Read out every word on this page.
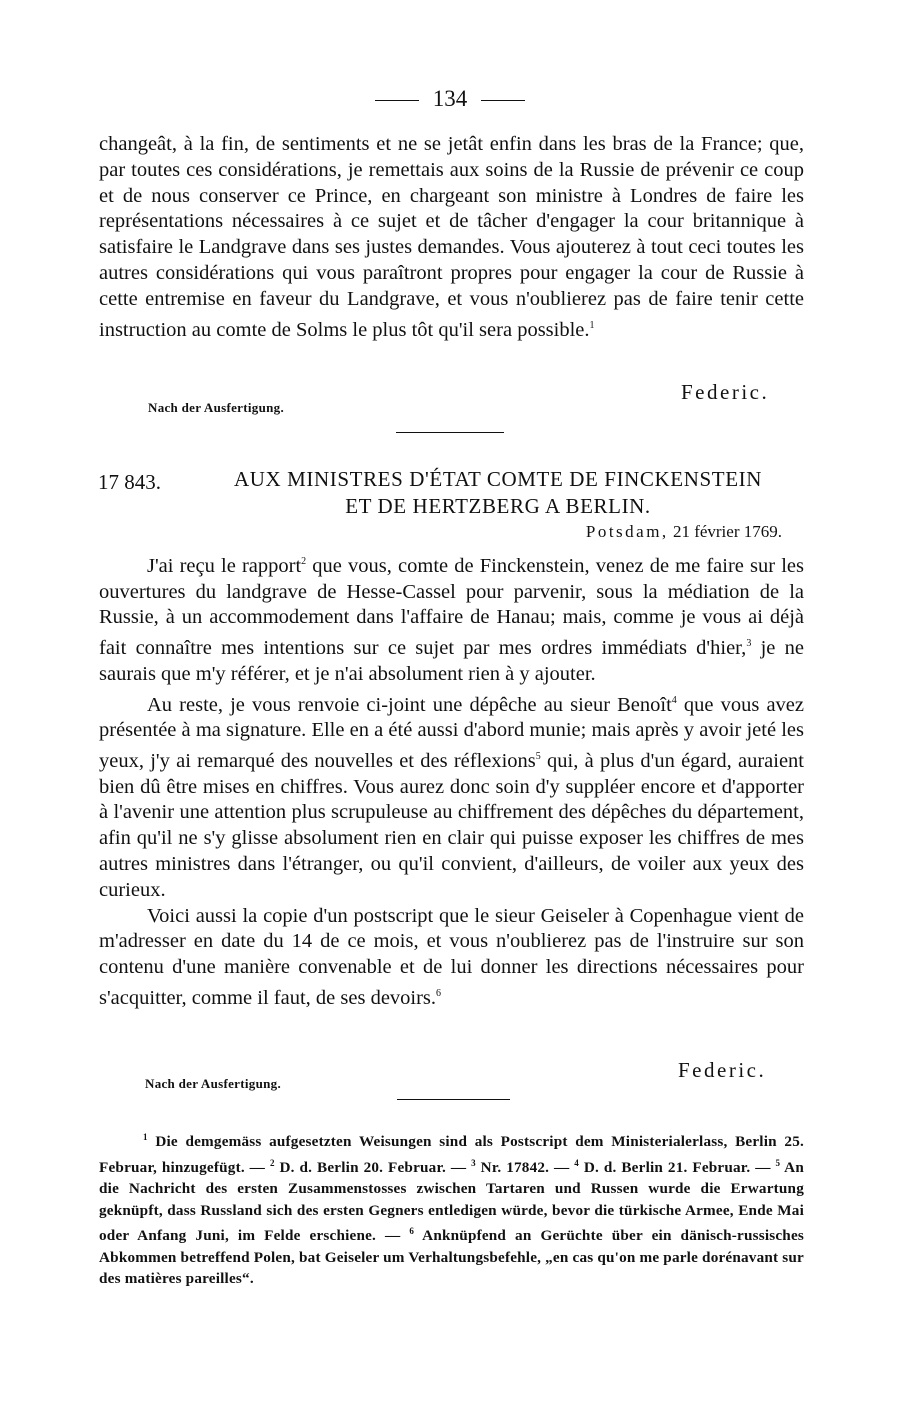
134

changeât, à la fin, de sentiments et ne se jetât enfin dans les bras de la France; que, par toutes ces considérations, je remettais aux soins de la Russie de prévenir ce coup et de nous conserver ce Prince, en chargeant son ministre à Londres de faire les représentations nécessaires à ce sujet et de tâcher d'engager la cour britannique à satisfaire le Landgrave dans ses justes demandes. Vous ajouterez à tout ceci toutes les autres considérations qui vous paraîtront propres pour engager la cour de Russie à cette entremise en faveur du Landgrave, et vous n'oublierez pas de faire tenir cette instruction au comte de Solms le plus tôt qu'il sera possible.$^1$

Federic.
Nach der Ausfertigung.
17 843.	AUX MINISTRES D'ÉTAT COMTE DE FINCKENSTEIN
ET DE HERTZBERG A BERLIN.
Potsdam, 21 février 1769.

J'ai reçu le rapport$^2$ que vous, comte de Finckenstein, venez de me faire sur les ouvertures du landgrave de Hesse-Cassel pour parvenir, sous la médiation de la Russie, à un accommodement dans l'affaire de Hanau; mais, comme je vous ai déjà fait connaître mes intentions sur ce sujet par mes ordres immédiats d'hier,$^3$ je ne saurais que m'y référer, et je n'ai absolument rien à y ajouter.

Au reste, je vous renvoie ci-joint une dépêche au sieur Benoît$^4$ que vous avez présentée à ma signature. Elle en a été aussi d'abord munie; mais après y avoir jeté les yeux, j'y ai remarqué des nouvelles et des réflexions$^5$ qui, à plus d'un égard, auraient bien dû être mises en chiffres. Vous aurez donc soin d'y suppléer encore et d'apporter à l'avenir une attention plus scrupuleuse au chiffrement des dépêches du département, afin qu'il ne s'y glisse absolument rien en clair qui puisse exposer les chiffres de mes autres ministres dans l'étranger, ou qu'il convient, d'ailleurs, de voiler aux yeux des curieux.

Voici aussi la copie d'un postscript que le sieur Geiseler à Copenhague vient de m'adresser en date du 14 de ce mois, et vous n'oublierez pas de l'instruire sur son contenu d'une manière convenable et de lui donner les directions nécessaires pour s'acquitter, comme il faut, de ses devoirs.$^6$

Federic.
Nach der Ausfertigung.

$^1$ Die demgemäss aufgesetzten Weisungen sind als Postscript dem Ministerialerlass, Berlin 25. Februar, hinzugefügt. — $^2$ D. d. Berlin 20. Februar. — $^3$ Nr. 17842. — $^4$ D. d. Berlin 21. Februar. — $^5$ An die Nachricht des ersten Zusammenstosses zwischen Tartaren und Russen wurde die Erwartung geknüpft, dass Russland sich des ersten Gegners entledigen würde, bevor die türkische Armee, Ende Mai oder Anfang Juni, im Felde erschiene. — $^6$ Anknüpfend an Gerüchte über ein dänisch-russisches Abkommen betreffend Polen, bat Geiseler um Verhaltungsbefehle, „en cas qu'on me parle dorénavant sur des matières pareilles“.
